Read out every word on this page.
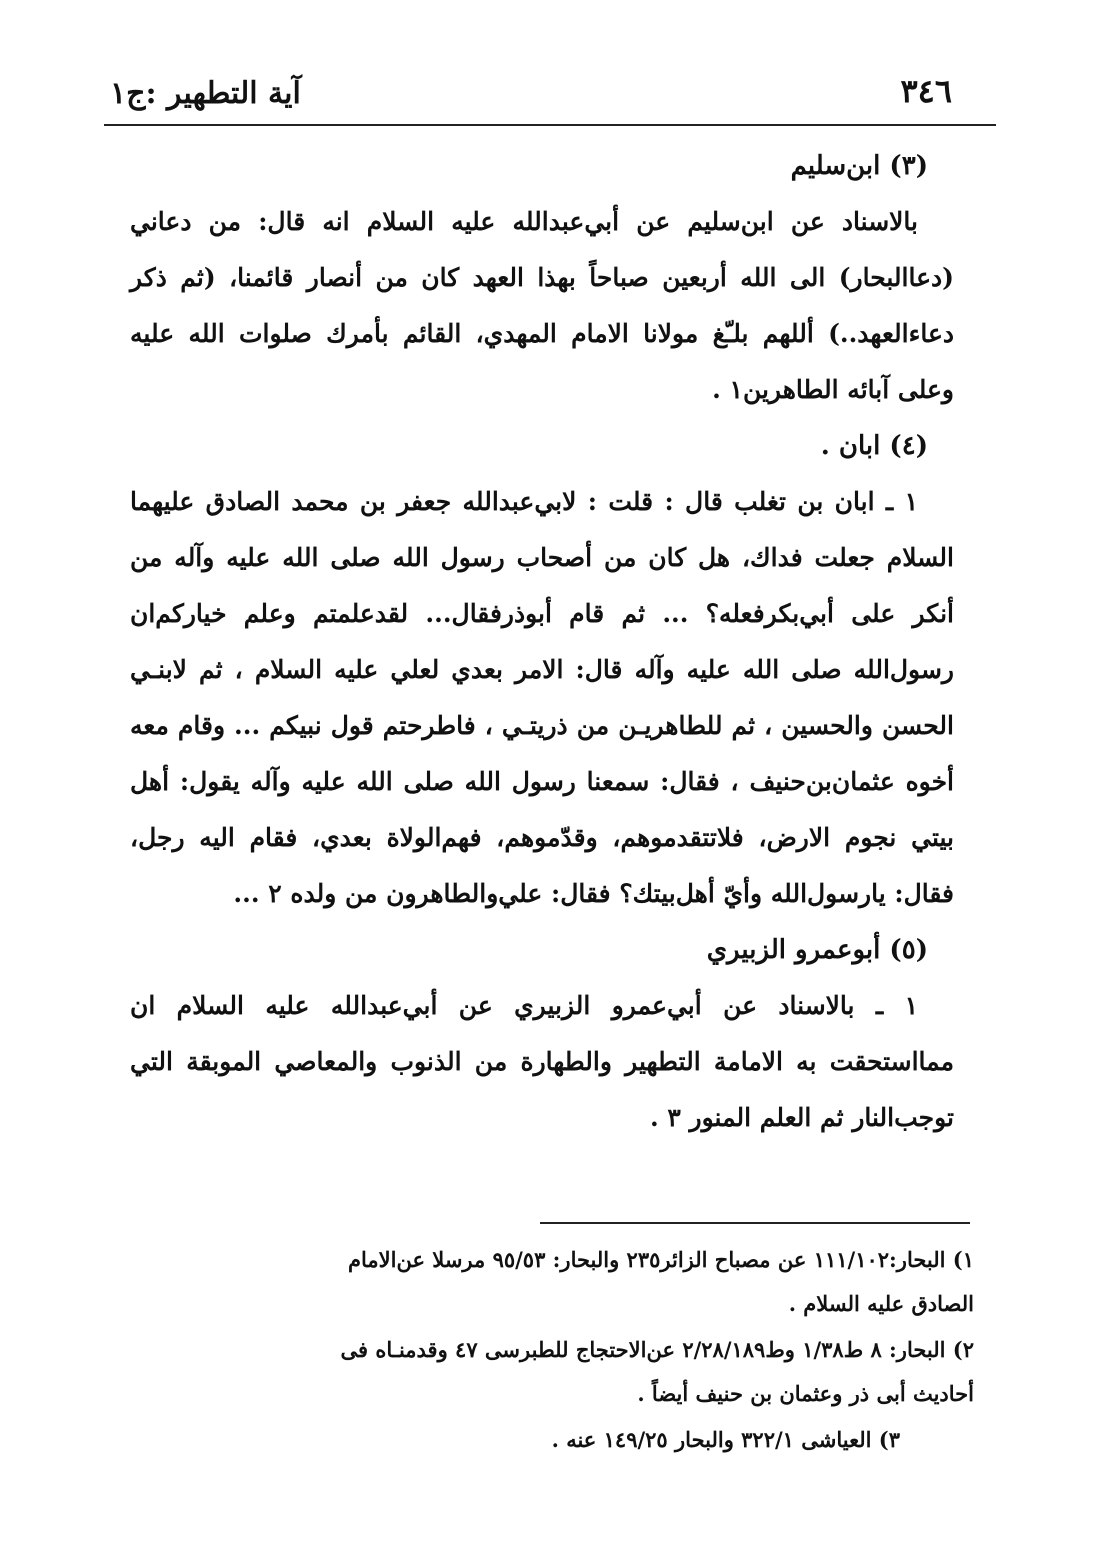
آية التطهير :ج۱	٣٤٦

(٣) ابن‌سليم

بالاسناد عن ابن‌سليم عن أبي‌عبدالله عليه السلام انه قال: من دعاني (دعاالبحار) الى الله أربعين صباحاً بهذا العهد كان من أنصار قائمنا، (ثم ذكر دعاءالعهد..) أللهم بلـّغ مولانا الامام المهدي، القائم بأمرك صلوات الله عليه وعلى آبائه الطاهرين١ .

(٤) ابان .

١ ـ ابان بن تغلب قال : قلت : لابي‌عبدالله جعفر بن محمد الصادق عليهما السلام جعلت فداك، هل كان من أصحاب رسول الله صلى الله عليه وآله من أنكر على أبي‌بكرفعله؟ ... ثم قام أبوذرفقال... لقدعلمتم وعلم خياركم‌ان رسول‌الله صلى الله عليه وآله قال: الامر بعدي لعلي عليه السلام ، ثم لابنـي الحسن والحسين ، ثم للطاهريـن من ذريتـي ، فاطرحتم قول نبيكم ... وقام معه أخوه عثمان‌بن‌حنيف ، فقال: سمعنا رسول الله صلى الله عليه وآله يقول: أهل بيتي نجوم الارض، فلاتتقدموهم، وقدّموهم، فهم‌الولاة بعدي، فقام اليه رجل، فقال: يارسول‌الله وأيّ أهل‌بيتك؟ فقال: علي‌والطاهرون من ولده ٢ ...

(٥) أبوعمرو الزبيري

١ ـ بالاسناد عن أبي‌عمرو الزبيري عن أبي‌عبدالله عليه السلام ان مما‌استحقت به الامامة التطهير والطهارة من الذنوب والمعاصي الموبقة التي توجب‌النار ثم العلم المنور ٣ .

١) البحار:١١١/١٠٢ عن مصباح الزائر٢٣٥ والبحار: ٩٥/٥٣ مرسلا عن‌الامام

الصادق عليه السلام .

٢) البحار: ٨ ط١/٣٨ وط٢/٢٨/١٨٩ عن‌الاحتجاج للطبرسى ٤٧ وقدمنـاه فى

أحاديث أبى ذر وعثمان بن حنيف أيضاً .

٣) العياشى ٣٢٢/١ والبحار ١٤٩/٢٥ عنه .
